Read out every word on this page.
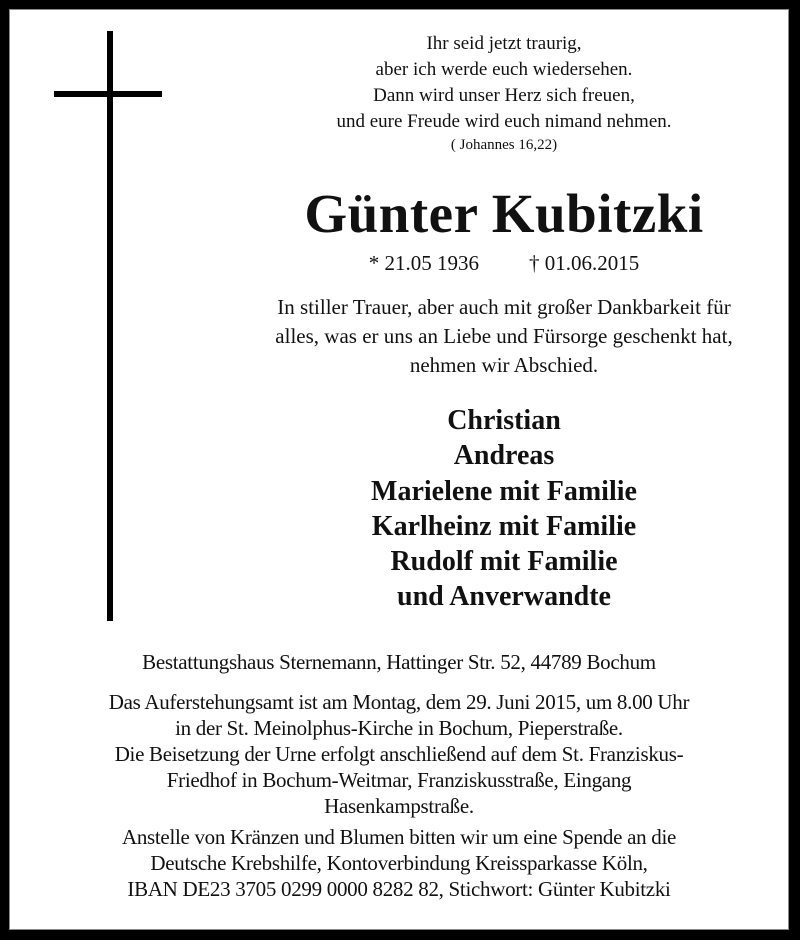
Ihr seid jetzt traurig,
aber ich werde euch wiedersehen.
Dann wird unser Herz sich freuen,
und eure Freude wird euch nimand nehmen.
( Johannes 16,22)
Günter Kubitzki
* 21.05 1936 † 01.06.2015
In stiller Trauer, aber auch mit großer Dankbarkeit für
alles, was er uns an Liebe und Fürsorge geschenkt hat,
nehmen wir Abschied.
Christian
Andreas
Marielene mit Familie
Karlheinz mit Familie
Rudolf mit Familie
und Anverwandte
Bestattungshaus Sternemann, Hattinger Str. 52, 44789 Bochum
Das Auferstehungsamt ist am Montag, dem 29. Juni 2015, um 8.00 Uhr
in der St. Meinolphus-Kirche in Bochum, Pieperstraße.
Die Beisetzung der Urne erfolgt anschließend auf dem St. Franziskus-
Friedhof in Bochum-Weitmar, Franziskusstraße, Eingang
Hasenkampstraße.
Anstelle von Kränzen und Blumen bitten wir um eine Spende an die
Deutsche Krebshilfe, Kontoverbindung Kreissparkasse Köln,
IBAN DE23 3705 0299 0000 8282 82, Stichwort: Günter Kubitzki
